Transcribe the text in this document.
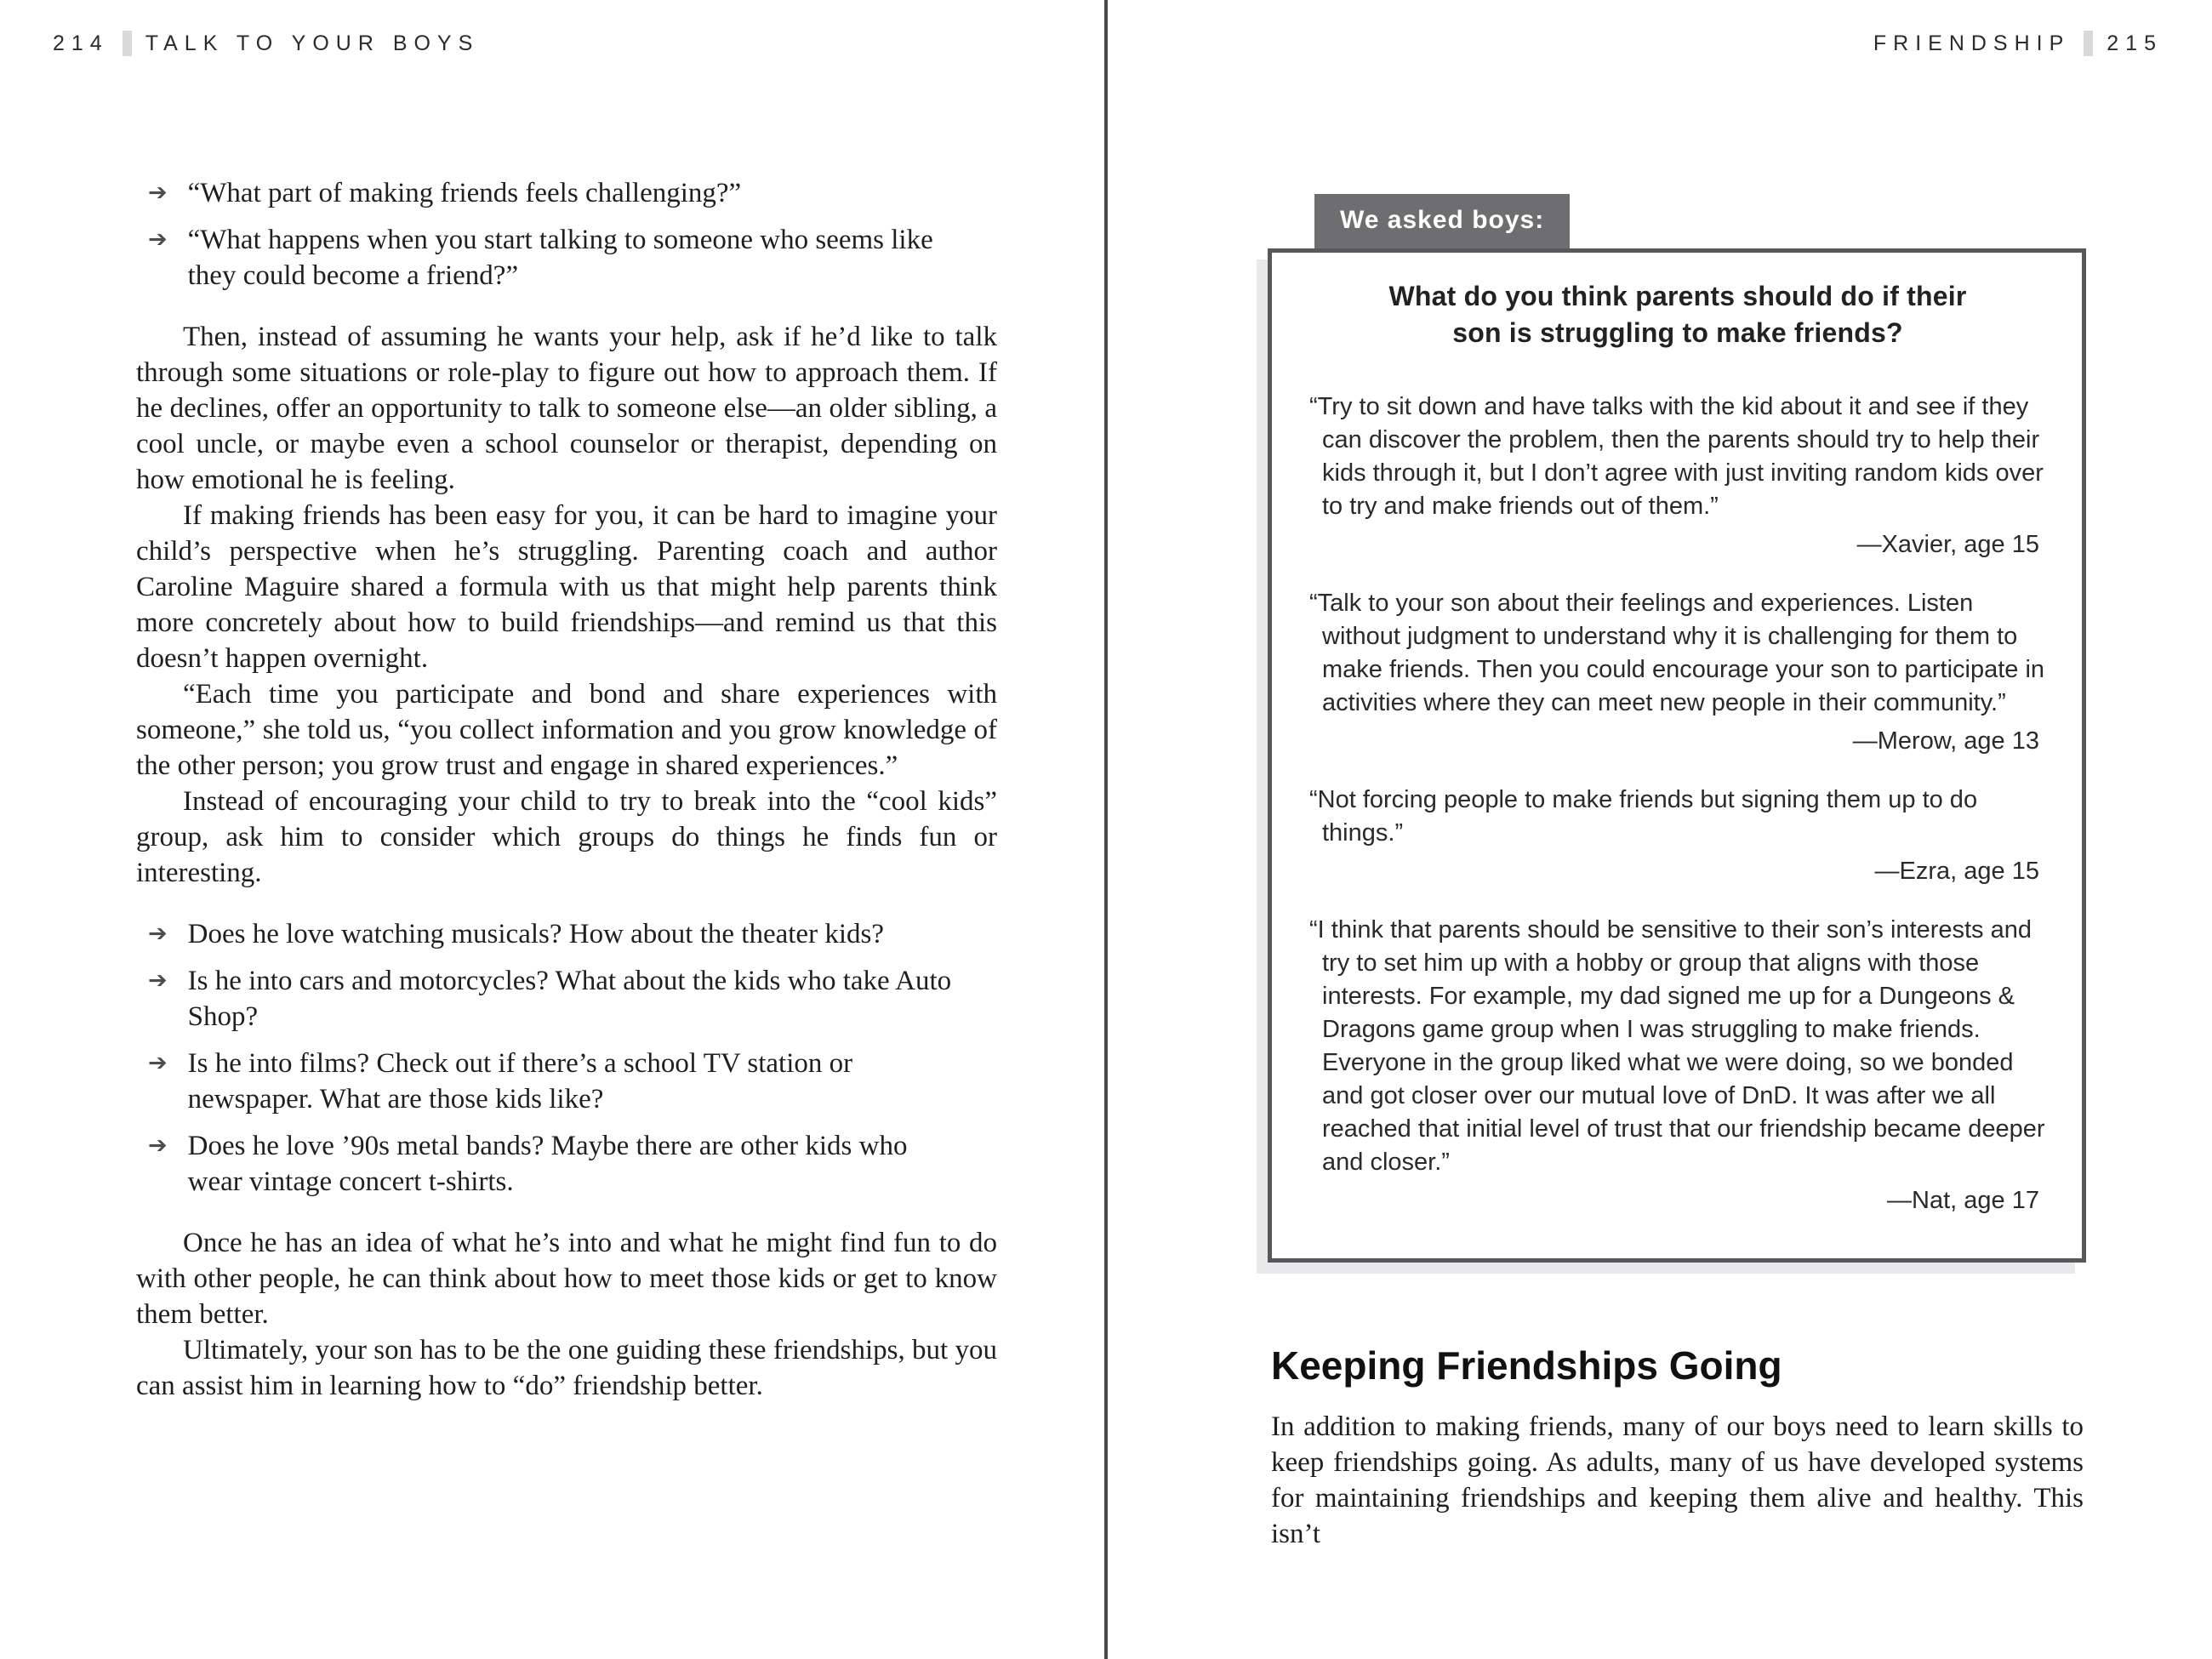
214 TALK TO YOUR BOYS
➔ “What part of making friends feels challenging?”
➔ “What happens when you start talking to someone who seems like they could become a friend?”

Then, instead of assuming he wants your help, ask if he’d like to talk through some situations or role-play to figure out how to approach them. If he declines, offer an opportunity to talk to someone else—an older sibling, a cool uncle, or maybe even a school counselor or therapist, depending on how emotional he is feeling.

If making friends has been easy for you, it can be hard to imagine your child’s perspective when he’s struggling. Parenting coach and author Caroline Maguire shared a formula with us that might help parents think more concretely about how to build friendships—and remind us that this doesn’t happen overnight.

“Each time you participate and bond and share experiences with someone,” she told us, “you collect information and you grow knowledge of the other person; you grow trust and engage in shared experiences.”

Instead of encouraging your child to try to break into the “cool kids” group, ask him to consider which groups do things he finds fun or interesting.

➔ Does he love watching musicals? How about the theater kids?
➔ Is he into cars and motorcycles? What about the kids who take Auto Shop?
➔ Is he into films? Check out if there’s a school TV station or newspaper. What are those kids like?
➔ Does he love ’90s metal bands? Maybe there are other kids who wear vintage concert t-shirts.

Once he has an idea of what he’s into and what he might find fun to do with other people, he can think about how to meet those kids or get to know them better.

Ultimately, your son has to be the one guiding these friendships, but you can assist him in learning how to “do” friendship better.

FRIENDSHIP 215
We asked boys:
What do you think parents should do if their son is struggling to make friends?
“Try to sit down and have talks with the kid about it and see if they can discover the problem, then the parents should try to help their kids through it, but I don’t agree with just inviting random kids over to try and make friends out of them.”
—Xavier, age 15
“Talk to your son about their feelings and experiences. Listen without judgment to understand why it is challenging for them to make friends. Then you could encourage your son to participate in activities where they can meet new people in their community.”
—Merow, age 13
“Not forcing people to make friends but signing them up to do things.”
—Ezra, age 15
“I think that parents should be sensitive to their son’s interests and try to set him up with a hobby or group that aligns with those interests. For example, my dad signed me up for a Dungeons & Dragons game group when I was struggling to make friends. Everyone in the group liked what we were doing, so we bonded and got closer over our mutual love of DnD. It was after we all reached that initial level of trust that our friendship became deeper and closer.”
—Nat, age 17
Keeping Friendships Going

In addition to making friends, many of our boys need to learn skills to keep friendships going. As adults, many of us have developed systems for maintaining friendships and keeping them alive and healthy. This isn’t
